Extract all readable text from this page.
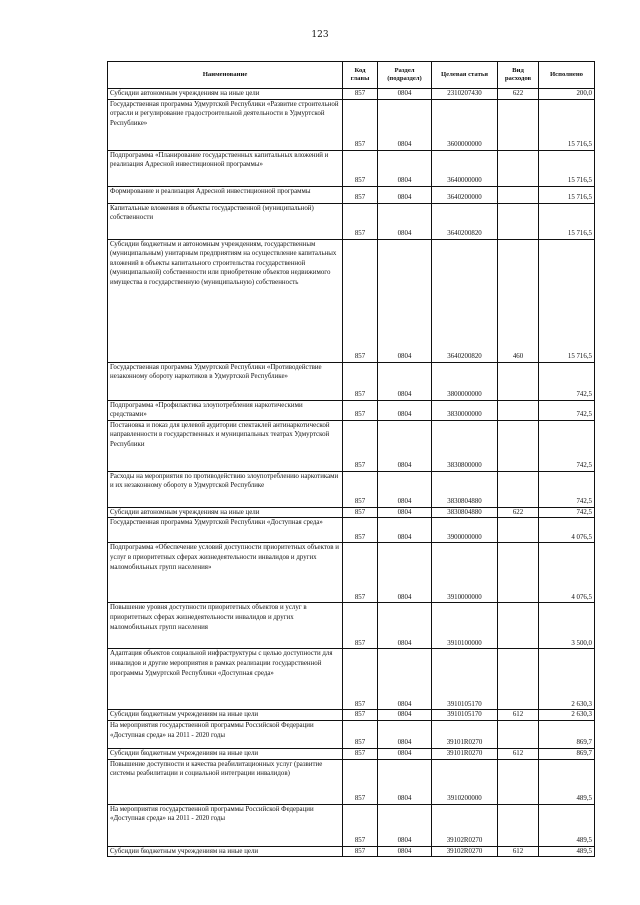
123
Наименование	Код главы	Раздел (подраздел)	Целевая статья	Вид расходов	Исполнено
Субсидии автономным учреждениям на иные цели	857	0804	2310207430	622	200,0
Государственная программа Удмуртской Республики «Развитие строительной отрасли и регулирование градостроительной деятельности в Удмуртской Республике»	857	0804	3600000000		15 716,5
Подпрограмма «Планирование государственных капитальных вложений и реализация Адресной инвестиционной программы»	857	0804	3640000000		15 716,5
Формирование и реализация Адресной инвестиционной программы	857	0804	3640200000		15 716,5
Капитальные вложения в объекты государственной (муниципальной) собственности	857	0804	3640200820		15 716,5
Субсидии бюджетным и автономным учреждениям, государственным (муниципальным) унитарным предприятиям на осуществление капитальных вложений в объекты капитального строительства государственной (муниципальной) собственности или приобретение объектов недвижимого имущества в государственную (муниципальную) собственность	857	0804	3640200820	460	15 716,5
Государственная программа Удмуртской Республики «Противодействие незаконному обороту наркотиков в Удмуртской Республике»	857	0804	3800000000		742,5
Подпрограмма «Профилактика злоупотребления наркотическими средствами»	857	0804	3830000000		742,5
Постановка и показ для целевой аудитории спектаклей антинаркотической направленности в государственных и муниципальных театрах Удмуртской Республики	857	0804	3830800000		742,5
Расходы на мероприятия по противодействию злоупотреблению наркотиками и их незаконному обороту в Удмуртской Республике	857	0804	3830804880		742,5
Субсидии автономным учреждениям на иные цели	857	0804	3830804880	622	742,5
Государственная программа Удмуртской Республики «Доступная среда»	857	0804	3900000000		4 076,5
Подпрограмма «Обеспечение условий доступности приоритетных объектов и услуг в приоритетных сферах жизнедеятельности инвалидов и других маломобильных групп населения»	857	0804	3910000000		4 076,5
Повышение уровня доступности приоритетных объектов и услуг в приоритетных сферах жизнедеятельности инвалидов и других маломобильных групп населения	857	0804	3910100000		3 500,0
Адаптация объектов социальной инфраструктуры с целью доступности для инвалидов и другие мероприятия в рамках реализации государственной программы Удмуртской Республики «Доступная среда»	857	0804	3910105170		2 630,3
Субсидии бюджетным учреждениям на иные цели	857	0804	3910105170	612	2 630,3
На мероприятия государственной программы Российской Федерации «Доступная среда» на 2011 - 2020 годы	857	0804	39101R0270		869,7
Субсидии бюджетным учреждениям на иные цели	857	0804	39101R0270	612	869,7
Повышение доступности и качества реабилитационных услуг (развитие системы реабилитации и социальной интеграции инвалидов)	857	0804	3910200000		489,5
На мероприятия государственной программы Российской Федерации «Доступная среда» на 2011 - 2020 годы	857	0804	39102R0270		489,5
Субсидии бюджетным учреждениям на иные цели	857	0804	39102R0270	612	489,5
